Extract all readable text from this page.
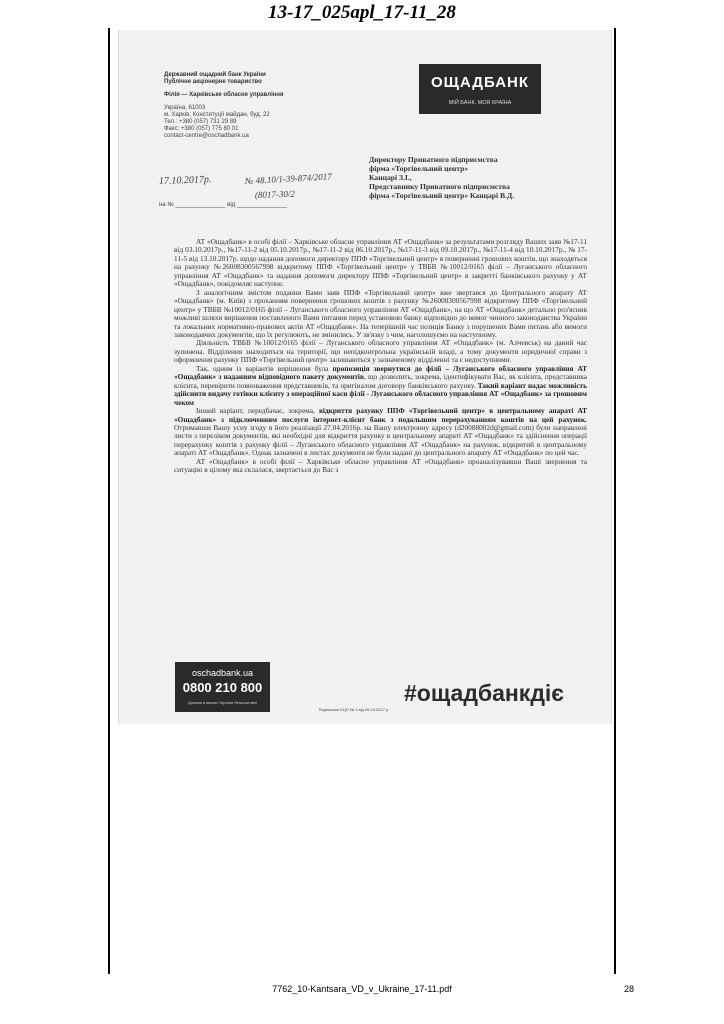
13-17_025apl_17-11_28
Державний ощадний банк України
Публічне акціонерне товариство
Філія — Харківське обласне управління
Україна, 61003
м. Харків, Конституції майдан, буд. 22
Тел.: +380 (057) 731 29 89
Факс: +380 (057) 775 80 01
contact-centre@oschadbank.ua
ОЩАДБАНК
МІЙ БАНК. МОЯ КРАЇНА
17.10.2017р.	№ 48.10/1-39-874/2017
(8017-30/2
на № _______________ від _______________
Директору Приватного підприємства
фірма «Торгівельний центр»
Канцарі З.І.,
Представнику Приватного підприємства
фірма «Торгівельний центр» Канцарі В.Д.

АТ «Ощадбанк» в особі філії – Харківське обласне управління АТ «Ощадбанк» за результатами розгляду Ваших заяв №17-11 від 03.10.2017р., №17-11-2 від 05.10.2017р., №17-11-2 від 06.10.2017р., №17-11-3 від 09.10.2017р., №17-11-4 від 10.10.2017р., № 17-11-5 від 13.10.2017р. щодо надання допомоги директору ППФ «Торгівельний центр» в поверненні грошових коштів, що знаходяться на рахунку №26008300567998 відкритому ППФ «Торгівельний центр» у ТВБВ №10012/0165 філії – Луганського обласного управління АТ «Ощадбанк» та надання допомоги директору ППФ «Торгівельний центр» в закритті банківського рахунку у АТ «Ощадбанк», повідомляє наступне.

З аналогічним змістом подання Вами заяв ППФ «Торгівельний центр» вже звертався до Центрального апарату АТ «Ощадбанк» (м. Київ) з проханням повернення грошових коштів з рахунку №26008300567998 відкритому ППФ «Торгівельний центр» у ТВБВ №10012/0165 філії – Луганського обласного управління АТ «Ощадбанк», на що АТ «Ощадбанк» детально роз'яснив можливі шляхи вирішення поставленого Вами питання перед установою банку відповідно до вимог чинного законодавства України та локальних нормативно-правових актів АТ «Ощадбанк». На теперішній час позиція Банку з порушених Вами питань або вимоги законодавчих документів, що їх регулюють, не змінились. У зв'язку з чим, наголошуємо на наступному.

Діяльність ТВБВ №10012/0165 філії – Луганського обласного управління АТ «Ощадбанк» (м. Алчевськ) на даний час зупинена. Відділення знаходиться на території, що непідконтрольна українській владі, а тому документи юридичної справи з оформлення рахунку ППФ «Торгівельний центр» залишаються у зазначеному відділенні та є недоступними.

Так, одним із варіантів вирішення була пропозиція звернутися до філії – Луганського обласного управління АТ «Ощадбанк» з наданням відповідного пакету документів, що дозволить, зокрема, ідентифікувати Вас, як клієнта, представника клієнта, перевірити повноваження представників, та оригіналом договору банківського рахунку. Такий варіант надає можливість здійснити видачу готівки клієнту з операційної каси філії - Луганського обласного управління АТ «Ощадбанк» за грошовим чеком

Інший варіант, передбачає, зокрема, відкриття рахунку ППФ «Торгівельний центр» в центральному апараті АТ «Ощадбанк» з підключенням послуги інтернет-клієнт банк з подальшим перерахуванням коштів на цей рахунок. Отримавши Вашу усну згоду в його реалізації 27.04.2016р. на Вашу електронну адресу (d20088002d@gmail.com) були направлені листи з переліком документів, які необхідні для відкриття рахунку в центральному апараті АТ «Ощадбанк» та здійснення операції перерахунку коштів з рахунку філії – Луганського обласного управління АТ «Ощадбанк» на рахунок, відкритий в центральному апараті АТ «Ощадбанк». Однак зазначені в листах документи не були надані до центрального апарату АТ «Ощадбанк» по цей час.

АТ «Ощадбанк» в особі філії – Харківське обласне управління АТ «Ощадбанк» проаналізувавши Ваші звернення та ситуацію в цілому яка склалася, звертається до Вас з

oschadbank.ua
0800 210 800
Дзвінки в межах України безкоштовні
Подписано ЕЦП № 1 від 26.10.2017 р.
#ощадбанкдіє
7762_10-Kantsara_VD_v_Ukraine_17-11.pdf	28
